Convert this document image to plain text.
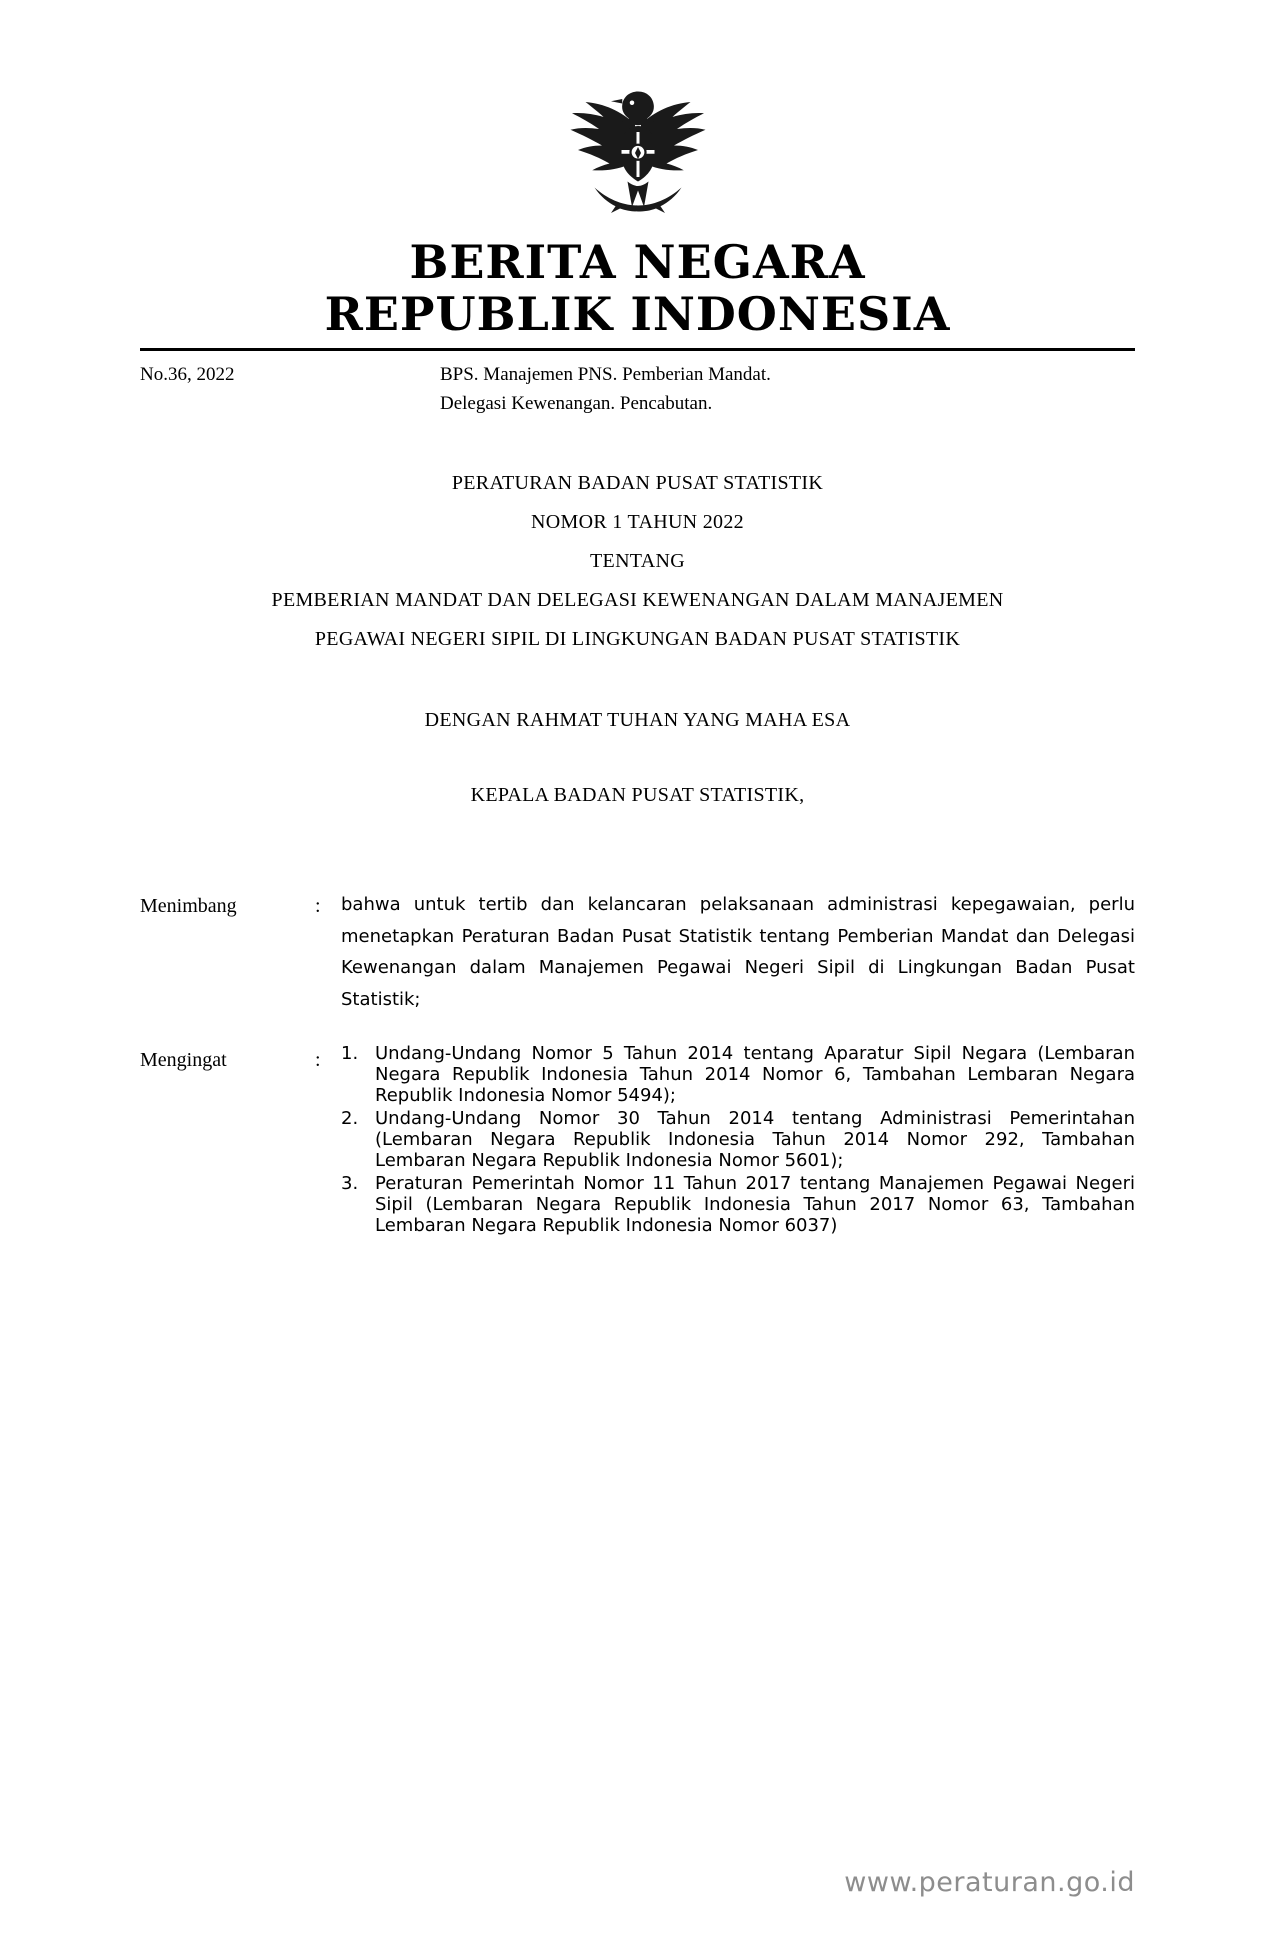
BERITA NEGARA
REPUBLIK INDONESIA
No.36, 2022	BPS. Manajemen PNS. Pemberian Mandat.
Delegasi Kewenangan. Pencabutan.
PERATURAN BADAN PUSAT STATISTIK
NOMOR 1 TAHUN 2022
TENTANG
PEMBERIAN MANDAT DAN DELEGASI KEWENANGAN DALAM MANAJEMEN
PEGAWAI NEGERI SIPIL DI LINGKUNGAN BADAN PUSAT STATISTIK
DENGAN RAHMAT TUHAN YANG MAHA ESA
KEPALA BADAN PUSAT STATISTIK,
Menimbang	:	bahwa untuk tertib dan kelancaran pelaksanaan administrasi kepegawaian, perlu menetapkan Peraturan Badan Pusat Statistik tentang Pemberian Mandat dan Delegasi Kewenangan dalam Manajemen Pegawai Negeri Sipil di Lingkungan Badan Pusat Statistik;
Mengingat	:	1. Undang-Undang Nomor 5 Tahun 2014 tentang Aparatur Sipil Negara (Lembaran Negara Republik Indonesia Tahun 2014 Nomor 6, Tambahan Lembaran Negara Republik Indonesia Nomor 5494);
2. Undang-Undang Nomor 30 Tahun 2014 tentang Administrasi Pemerintahan (Lembaran Negara Republik Indonesia Tahun 2014 Nomor 292, Tambahan Lembaran Negara Republik Indonesia Nomor 5601);
3. Peraturan Pemerintah Nomor 11 Tahun 2017 tentang Manajemen Pegawai Negeri Sipil (Lembaran Negara Republik Indonesia Tahun 2017 Nomor 63, Tambahan Lembaran Negara Republik Indonesia Nomor 6037)
www.peraturan.go.id
